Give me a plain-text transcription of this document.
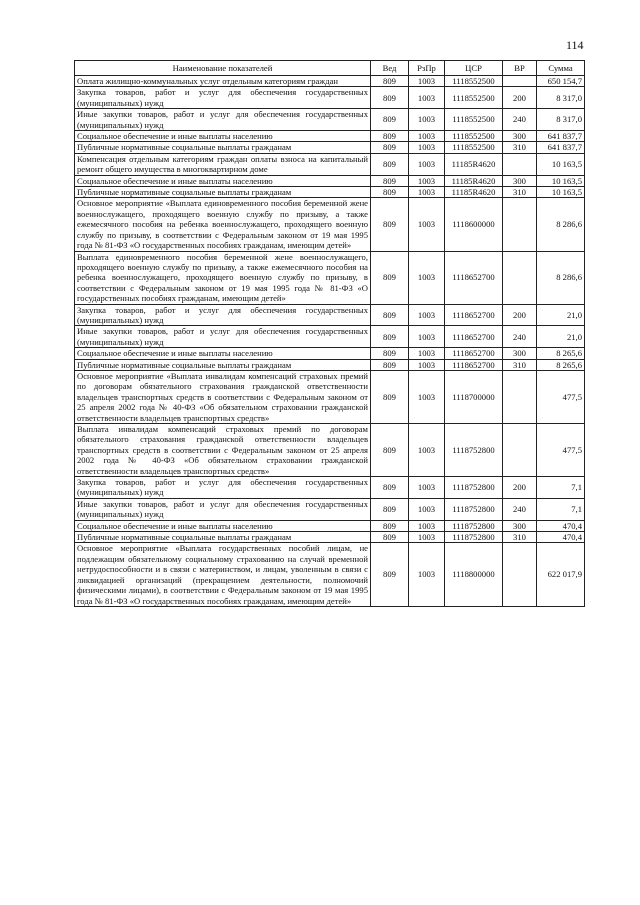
114
Наименование показателей	Вед	РзПр	ЦСР	ВР	Сумма
Оплата жилищно-коммунальных услуг отдельным категориям граждан	809	1003	1118552500		650 154,7
Закупка товаров, работ и услуг для обеспечения государственных (муниципальных) нужд	809	1003	1118552500	200	8 317,0
Иные закупки товаров, работ и услуг для обеспечения государственных (муниципальных) нужд	809	1003	1118552500	240	8 317,0
Социальное обеспечение и иные выплаты населению	809	1003	1118552500	300	641 837,7
Публичные нормативные социальные выплаты гражданам	809	1003	1118552500	310	641 837,7
Компенсация отдельным категориям граждан оплаты взноса на капитальный ремонт общего имущества в многоквартирном доме	809	1003	11185R4620		10 163,5
Социальное обеспечение и иные выплаты населению	809	1003	11185R4620	300	10 163,5
Публичные нормативные социальные выплаты гражданам	809	1003	11185R4620	310	10 163,5
Основное мероприятие «Выплата единовременного пособия беременной жене военнослужащего, проходящего военную службу по призыву, а также ежемесячного пособия на ребенка военнослужащего, проходящего военную службу по призыву, в соответствии с Федеральным законом от 19 мая 1995 года № 81-ФЗ «О государственных пособиях гражданам, имеющим детей»	809	1003	1118600000		8 286,6
Выплата единовременного пособия беременной жене военнослужащего, проходящего военную службу по призыву, а также ежемесячного пособия на ребенка военнослужащего, проходящего военную службу по призыву, в соответствии с Федеральным законом от 19 мая 1995 года № 81-ФЗ «О государственных пособиях гражданам, имеющим детей»	809	1003	1118652700		8 286,6
Закупка товаров, работ и услуг для обеспечения государственных (муниципальных) нужд	809	1003	1118652700	200	21,0
Иные закупки товаров, работ и услуг для обеспечения государственных (муниципальных) нужд	809	1003	1118652700	240	21,0
Социальное обеспечение и иные выплаты населению	809	1003	1118652700	300	8 265,6
Публичные нормативные социальные выплаты гражданам	809	1003	1118652700	310	8 265,6
Основное мероприятие «Выплата инвалидам компенсаций страховых премий по договорам обязательного страхования гражданской ответственности владельцев транспортных средств в соответствии с Федеральным законом от 25 апреля 2002 года № 40-ФЗ «Об обязательном страховании гражданской ответственности владельцев транспортных средств»	809	1003	1118700000		477,5
Выплата инвалидам компенсаций страховых премий по договорам обязательного страхования гражданской ответственности владельцев транспортных средств в соответствии с Федеральным законом от 25 апреля 2002 года № 40-ФЗ «Об обязательном страховании гражданской ответственности владельцев транспортных средств»	809	1003	1118752800		477,5
Закупка товаров, работ и услуг для обеспечения государственных (муниципальных) нужд	809	1003	1118752800	200	7,1
Иные закупки товаров, работ и услуг для обеспечения государственных (муниципальных) нужд	809	1003	1118752800	240	7,1
Социальное обеспечение и иные выплаты населению	809	1003	1118752800	300	470,4
Публичные нормативные социальные выплаты гражданам	809	1003	1118752800	310	470,4
Основное мероприятие «Выплата государственных пособий лицам, не подлежащим обязательному социальному страхованию на случай временной нетрудоспособности и в связи с материнством, и лицам, уволенным в связи с ликвидацией организаций (прекращением деятельности, полномочий физическими лицами), в соответствии с Федеральным законом от 19 мая 1995 года № 81-ФЗ «О государственных пособиях гражданам, имеющим детей»	809	1003	1118800000		622 017,9
